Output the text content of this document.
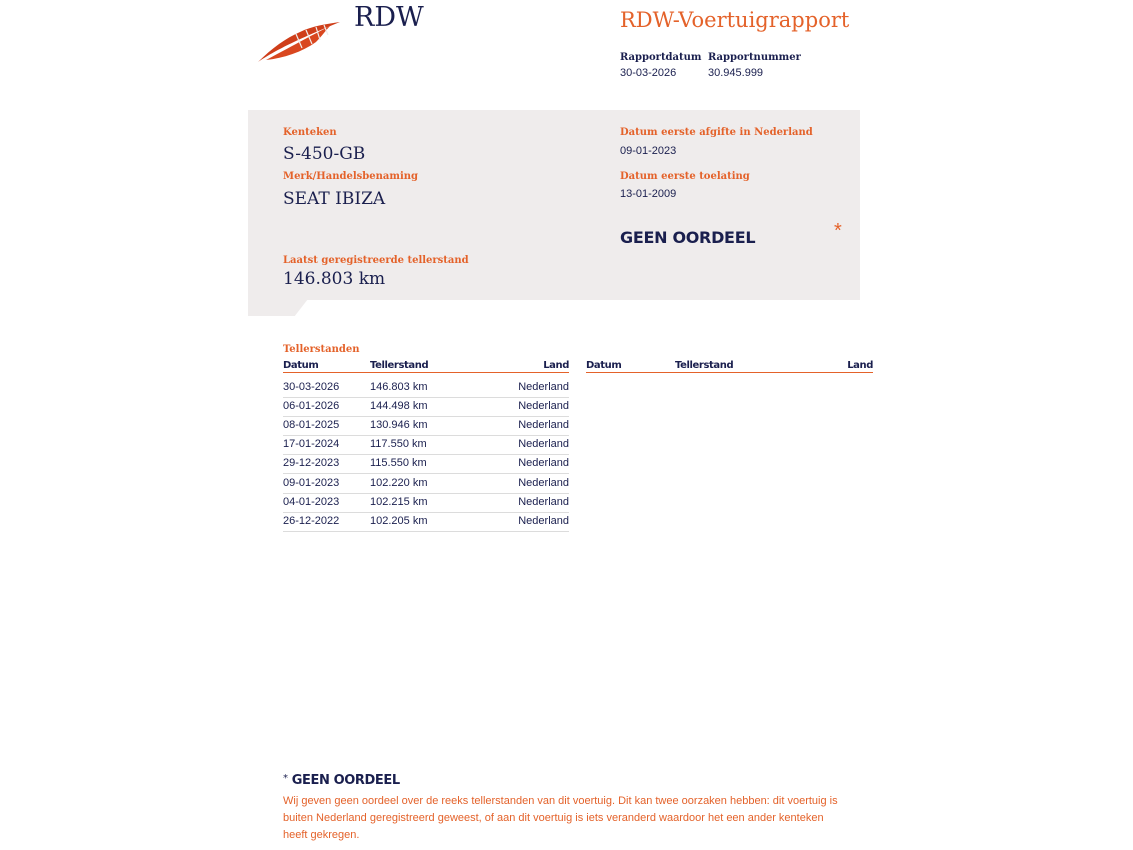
RDW	RDW-Voertuigrapport
Rapportdatum
30-03-2026
Rapportnummer
30.945.999
Kenteken
S-450-GB
Merk/Handelsbenaming
SEAT IBIZA
Laatst geregistreerde tellerstand
146.803 km
Datum eerste afgifte in Nederland
09-01-2023
Datum eerste toelating
13-01-2009
GEEN OORDEEL	*
Tellerstanden
Datum	Tellerstand	Land Datum	Tellerstand	Land
30-03-2026	146.803 km	Nederland
06-01-2026	144.498 km	Nederland
08-01-2025	130.946 km	Nederland
17-01-2024	117.550 km	Nederland
29-12-2023	115.550 km	Nederland
09-01-2023	102.220 km	Nederland
04-01-2023	102.215 km	Nederland
26-12-2022	102.205 km	Nederland
* GEEN OORDEEL
Wij geven geen oordeel over de reeks tellerstanden van dit voertuig. Dit kan twee oorzaken hebben: dit voertuig is buiten Nederland geregistreerd geweest, of aan dit voertuig is iets veranderd waardoor het een ander kenteken heeft gekregen.
